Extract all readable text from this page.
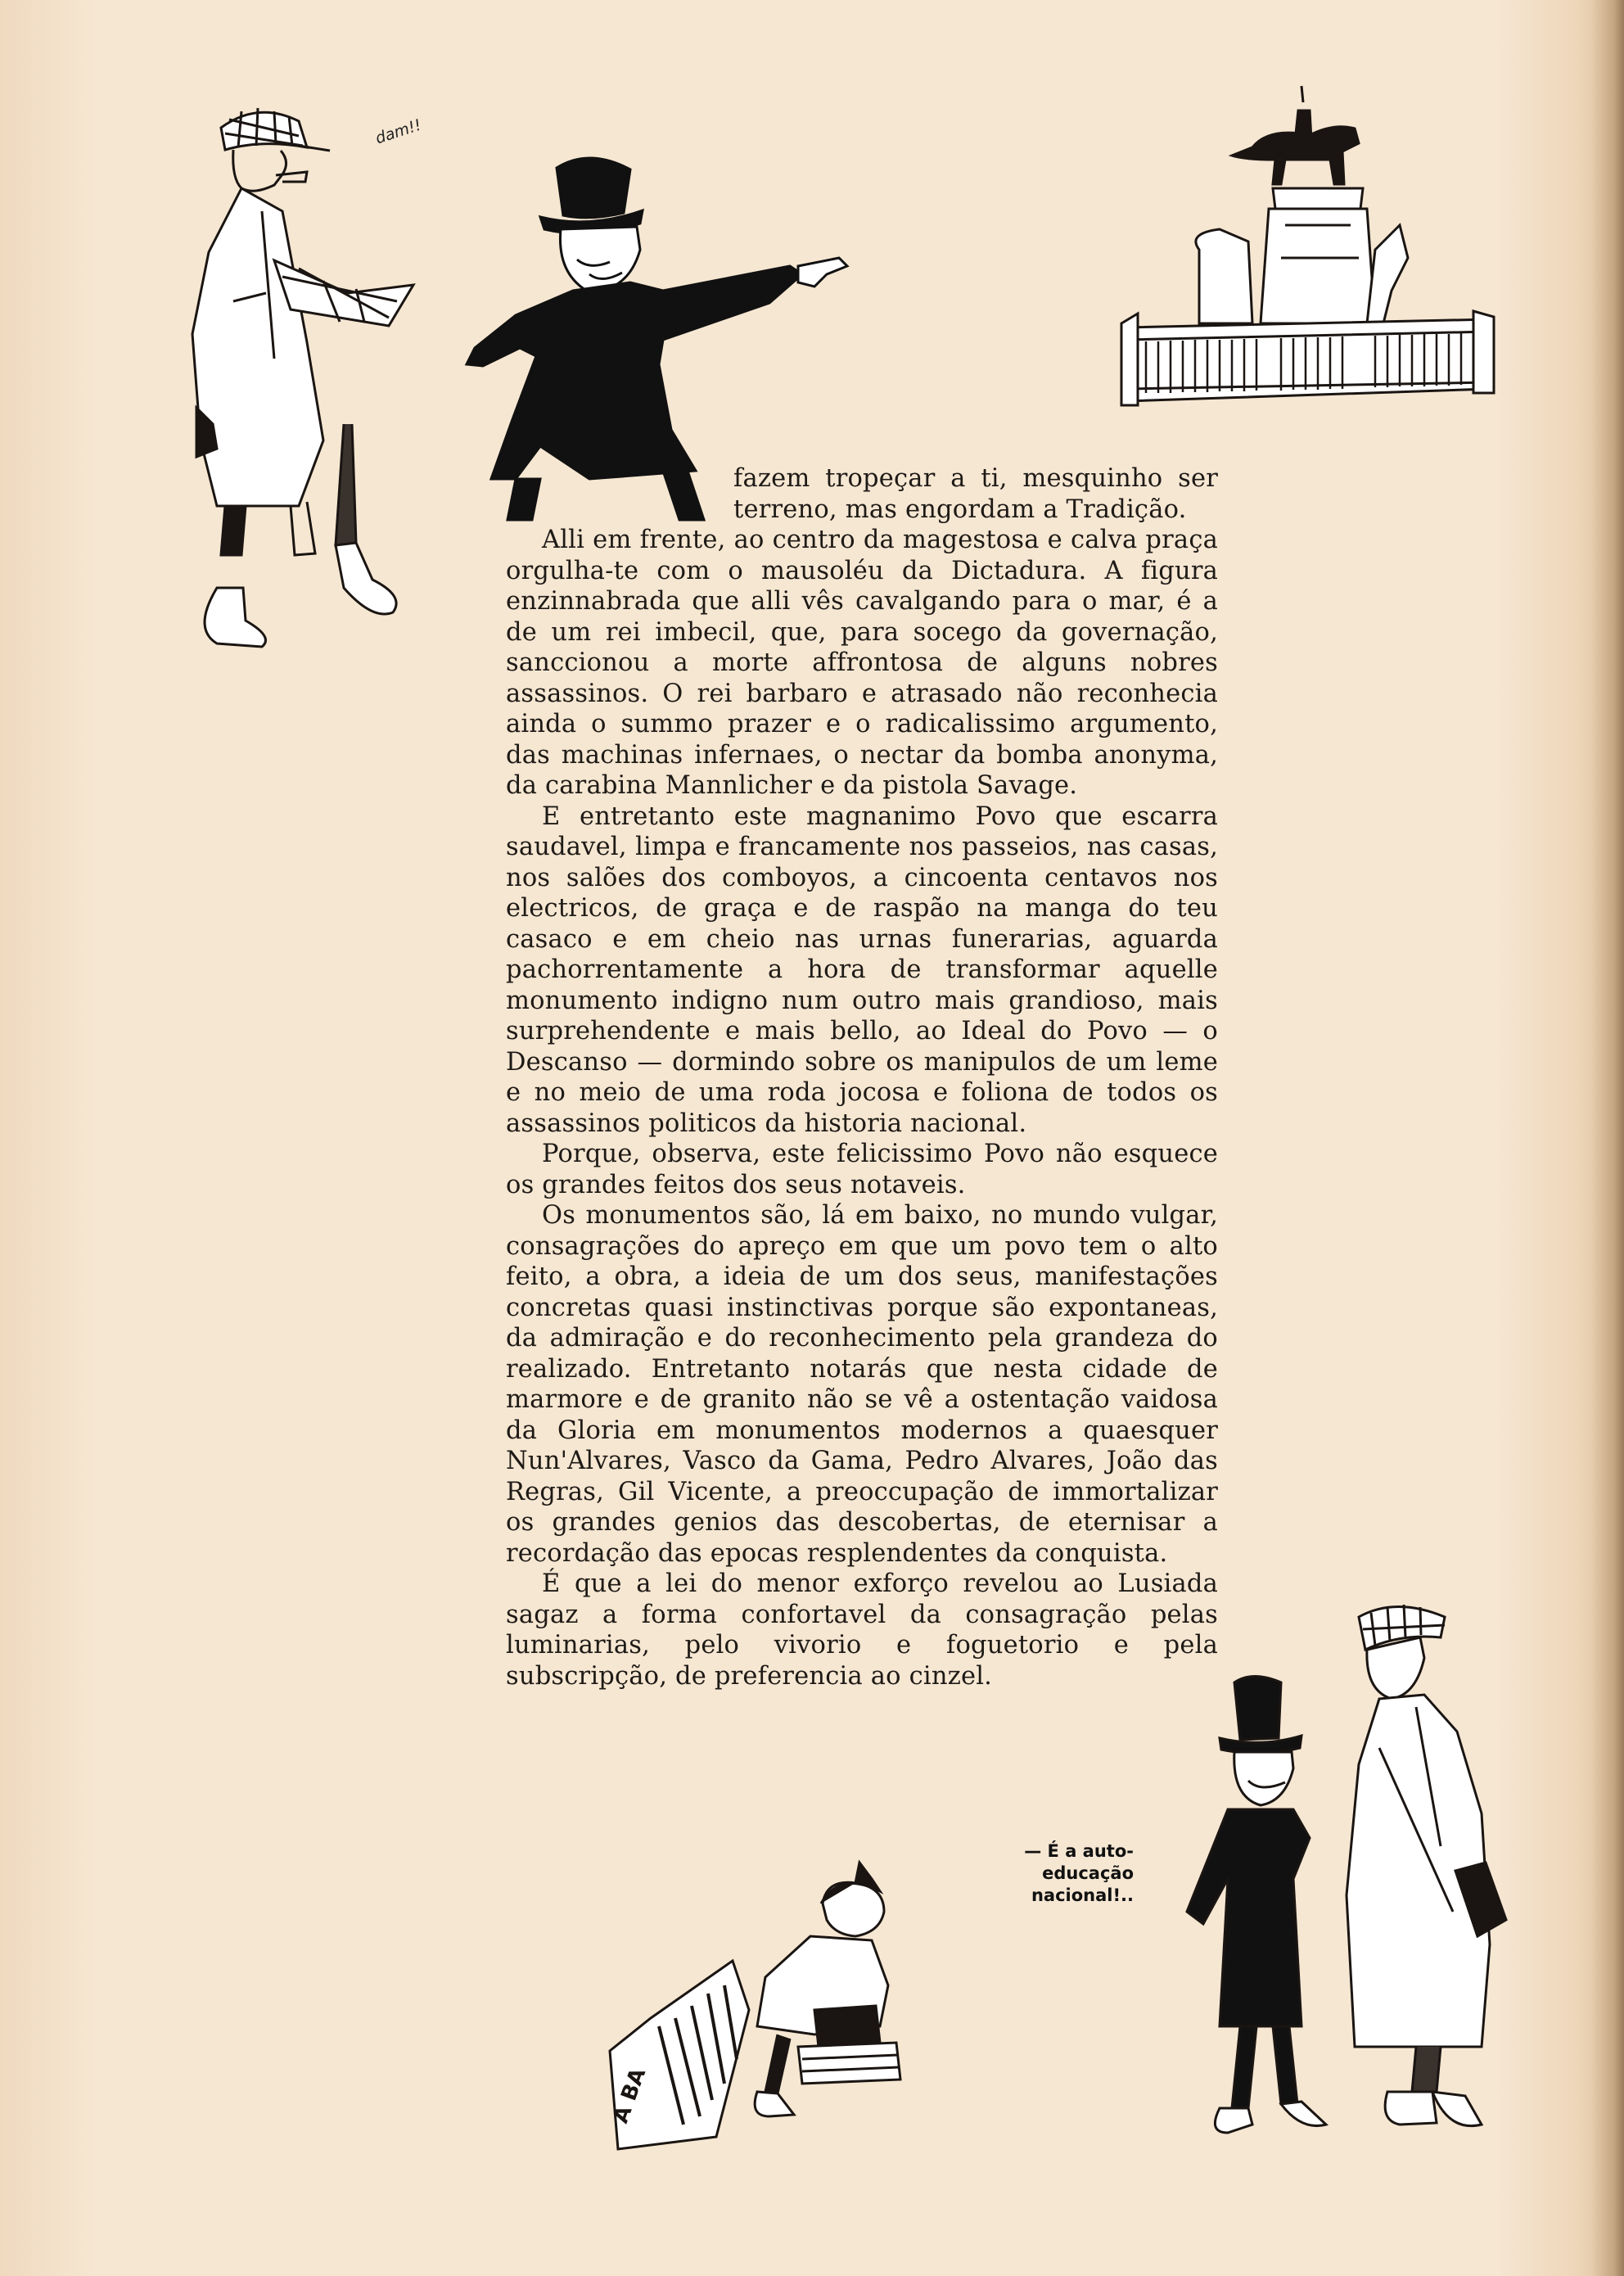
dam!!

fazem tropeçar a ti, mesquinho ser terreno, mas engordam a Tradição.

Alli em frente, ao centro da magestosa e calva praça orgulha-te com o mausoléu da Dictadura. A figura enzinnabrada que alli vês cavalgando para o mar, é a de um rei imbecil, que, para socego da governação, sanccionou a morte affrontosa de alguns nobres assassinos. O rei barbaro e atrasado não reconhecia ainda o summo prazer e o radicalissimo argumento, das machinas infernaes, o nectar da bomba anonyma, da carabina Mannlicher e da pistola Savage.

E entretanto este magnanimo Povo que escarra saudavel, limpa e francamente nos passeios, nas casas, nos salões dos comboyos, a cincoenta centavos nos electricos, de graça e de raspão na manga do teu casaco e em cheio nas urnas funerarias, aguarda pachorrentamente a hora de transformar aquelle monumento indigno num outro mais grandioso, mais surprehendente e mais bello, ao Ideal do Povo — o Descanso — dormindo sobre os manipulos de um leme e no meio de uma roda jocosa e foliona de todos os assassinos politicos da historia nacional.

Porque, observa, este felicissimo Povo não esquece os grandes feitos dos seus notaveis.

Os monumentos são, lá em baixo, no mundo vulgar, consagrações do apreço em que um povo tem o alto feito, a obra, a ideia de um dos seus, manifestações concretas quasi instinctivas porque são expontaneas, da admiração e do reconhecimento pela grandeza do realizado. Entretanto notarás que nesta cidade de marmore e de granito não se vê a ostentação vaidosa da Gloria em monumentos modernos a quaesquer Nun'Alvares, Vasco da Gama, Pedro Alvares, João das Regras, Gil Vicente, a preoccupação de immortalizar os grandes genios das descobertas, de eternisar a recordação das epocas resplendentes da conquista.

É que a lei do menor exforço revelou ao Lusiada sagaz a forma confortavel da consagração pelas luminarias, pelo vivorio e foguetorio e pela subscripção, de preferencia ao cinzel.

A BA
— É a auto-
educação
nacional!..
